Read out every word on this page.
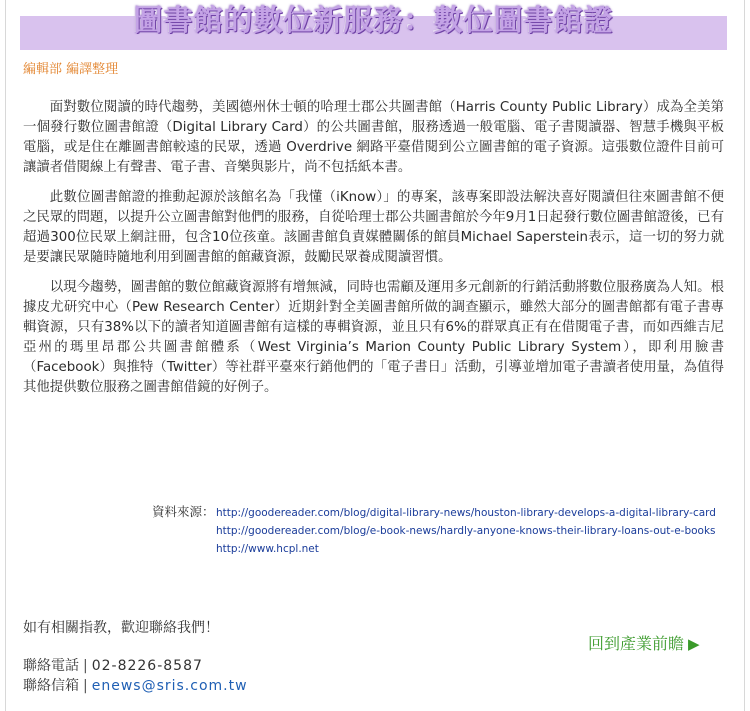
圖書館的數位新服務：數位圖書館證
編輯部 編譯整理

面對數位閱讀的時代趨勢，美國德州休士頓的哈理士郡公共圖書館（Harris County Public Library）成為全美第一個發行數位圖書館證（Digital Library Card）的公共圖書館，服務透過一般電腦、電子書閱讀器、智慧手機與平板電腦，或是住在離圖書館較遠的民眾，透過 Overdrive 網路平臺借閱到公立圖書館的電子資源。這張數位證件目前可讓讀者借閱線上有聲書、電子書、音樂與影片，尚不包括紙本書。

此數位圖書館證的推動起源於該館名為「我懂（iKnow）」的專案，該專案即設法解決喜好閱讀但往來圖書館不便之民眾的問題，以提升公立圖書館對他們的服務，自從哈理士郡公共圖書館於今年9月1日起發行數位圖書館證後，已有超過300位民眾上網註冊，包含10位孩童。該圖書館負責媒體關係的館員Michael Saperstein表示，這一切的努力就是要讓民眾隨時隨地利用到圖書館的館藏資源，鼓勵民眾養成閱讀習慣。

以現今趨勢，圖書館的數位館藏資源將有增無減，同時也需顧及運用多元創新的行銷活動將數位服務廣為人知。根據皮尤研究中心（Pew Research Center）近期針對全美圖書館所做的調查顯示，雖然大部分的圖書館都有電子書專輯資源，只有38%以下的讀者知道圖書館有這樣的專輯資源，並且只有6%的群眾真正有在借閱電子書，而如西維吉尼亞州的瑪里昂郡公共圖書館體系（West Virginia’s Marion County Public Library System），即利用臉書（Facebook）與推特（Twitter）等社群平臺來行銷他們的「電子書日」活動，引導並增加電子書讀者使用量，為值得其他提供數位服務之圖書館借鏡的好例子。

資料來源： http://goodereader.com/blog/digital-library-news/houston-library-develops-a-digital-library-card
http://goodereader.com/blog/e-book-news/hardly-anyone-knows-their-library-loans-out-e-books
http://www.hcpl.net
如有相關指教，歡迎聯絡我們！
回到產業前瞻 ▶
聯絡電話 | 02-8226-8587
聯絡信箱 | enews@sris.com.tw
